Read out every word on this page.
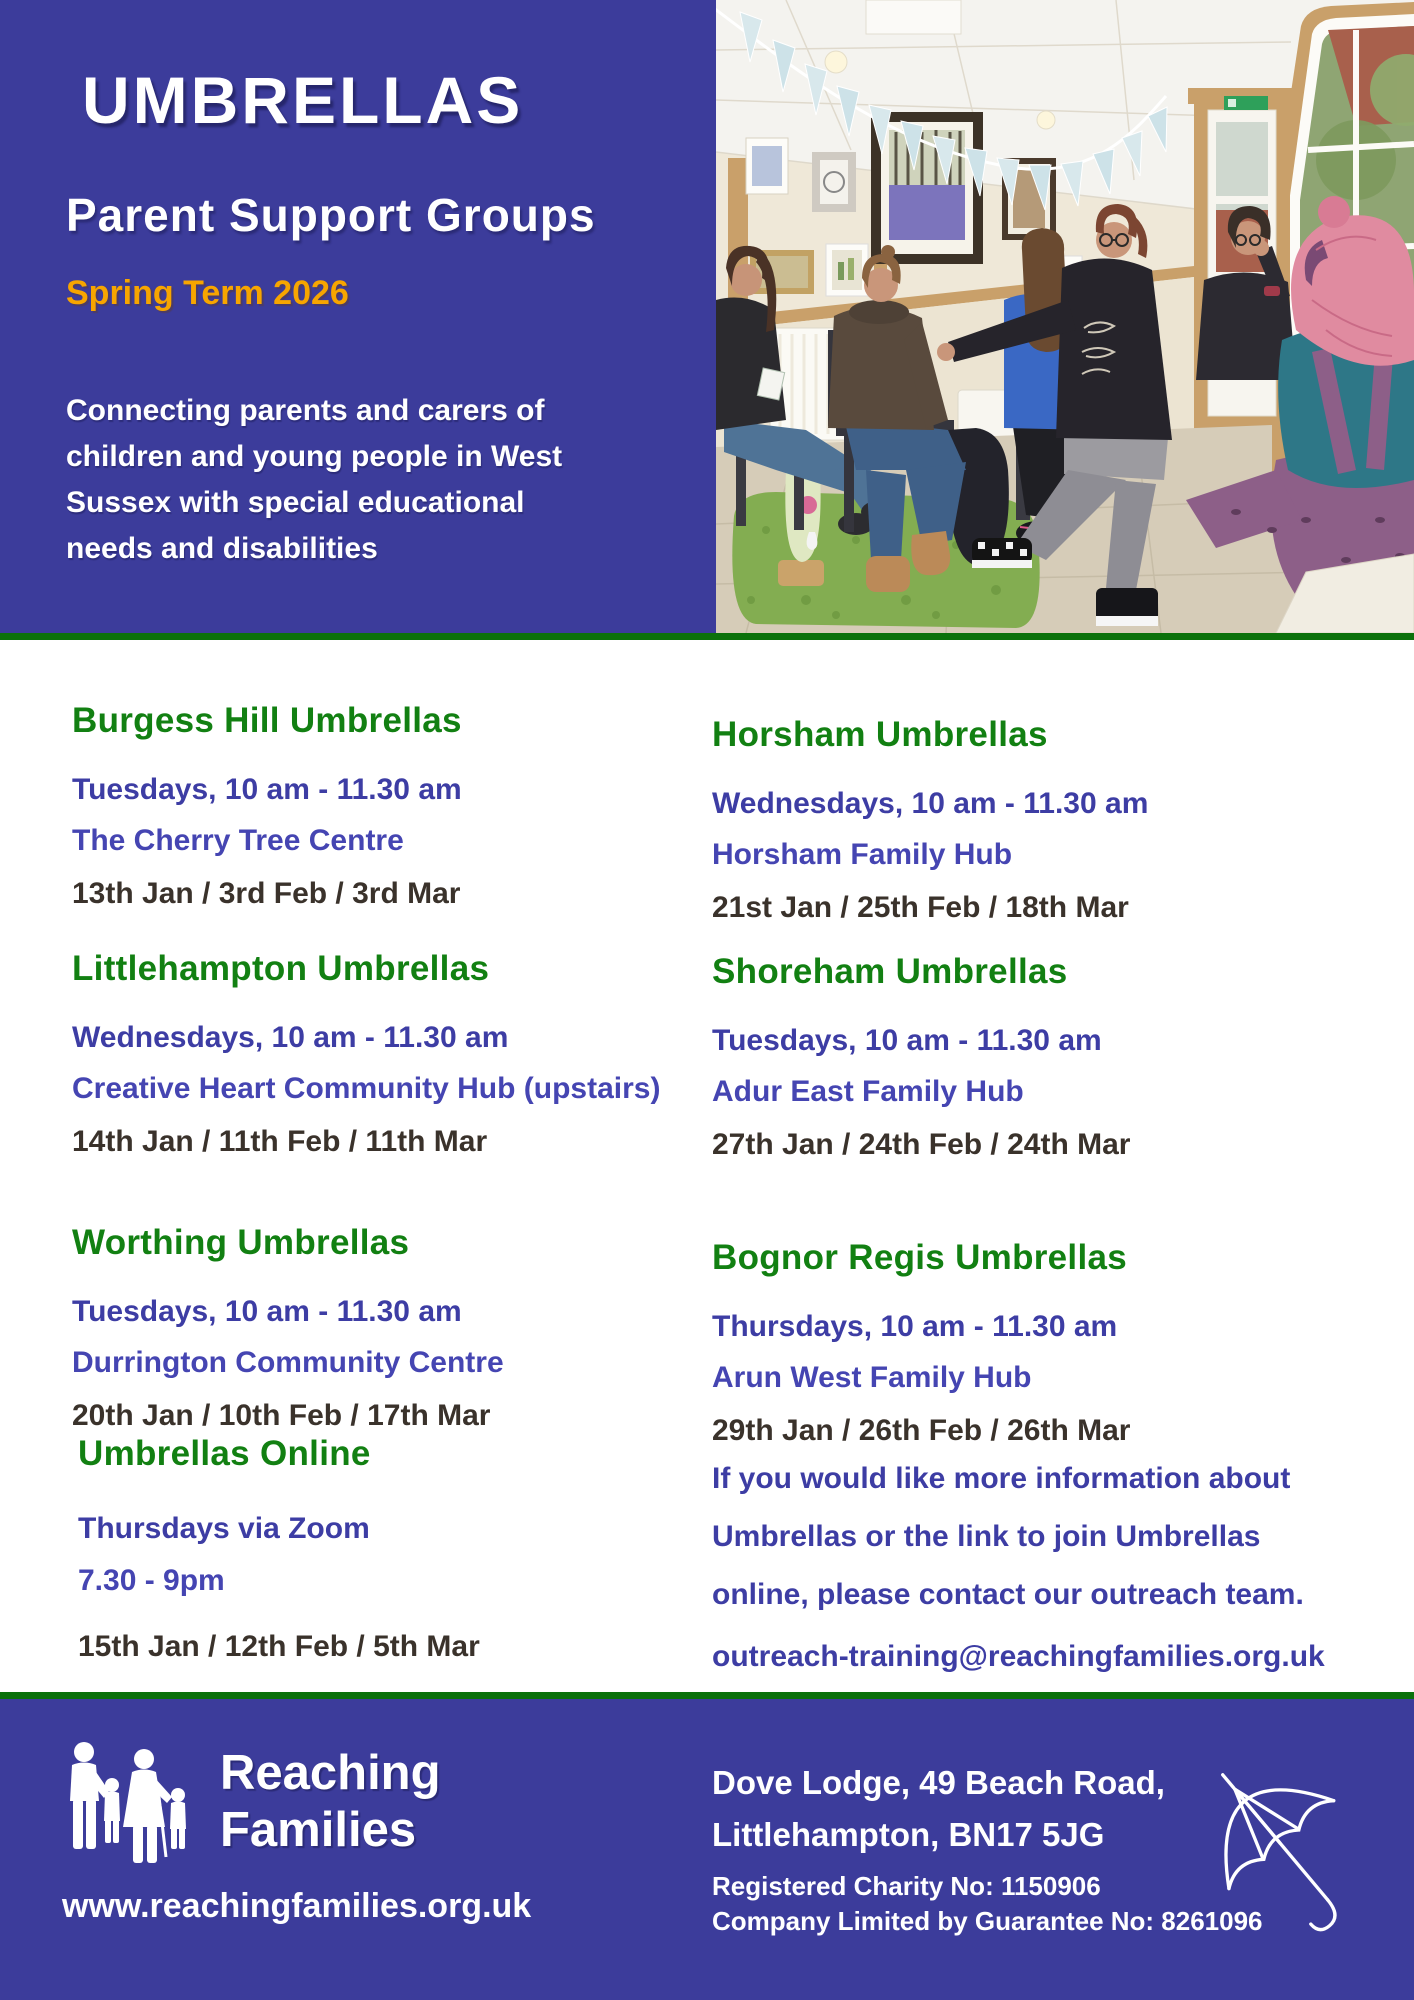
UMBRELLAS
Parent Support Groups
Spring Term 2026
Connecting parents and carers of
children and young people in West
Sussex with special educational
needs and disabilities
Burgess Hill Umbrellas
Tuesdays, 10 am - 11.30 am
The Cherry Tree Centre
13th Jan / 3rd Feb / 3rd Mar
Littlehampton Umbrellas
Wednesdays, 10 am - 11.30 am
Creative Heart Community Hub (upstairs)
14th Jan / 11th Feb / 11th Mar
Worthing Umbrellas
Tuesdays, 10 am - 11.30 am
Durrington Community Centre
20th Jan / 10th Feb / 17th Mar
Umbrellas Online
Thursdays via Zoom
7.30 - 9pm
15th Jan / 12th Feb / 5th Mar
Horsham Umbrellas
Wednesdays, 10 am - 11.30 am
Horsham Family Hub
21st Jan / 25th Feb / 18th Mar
Shoreham Umbrellas
Tuesdays, 10 am - 11.30 am
Adur East Family Hub
27th Jan / 24th Feb / 24th Mar
Bognor Regis Umbrellas
Thursdays, 10 am - 11.30 am
Arun West Family Hub
29th Jan / 26th Feb / 26th Mar
If you would like more information about
Umbrellas or the link to join Umbrellas
online, please contact our outreach team.
outreach-training@reachingfamilies.org.uk
Reaching
Families
www.reachingfamilies.org.uk
Dove Lodge, 49 Beach Road,
Littlehampton, BN17 5JG
Registered Charity No: 1150906
Company Limited by Guarantee No: 8261096
